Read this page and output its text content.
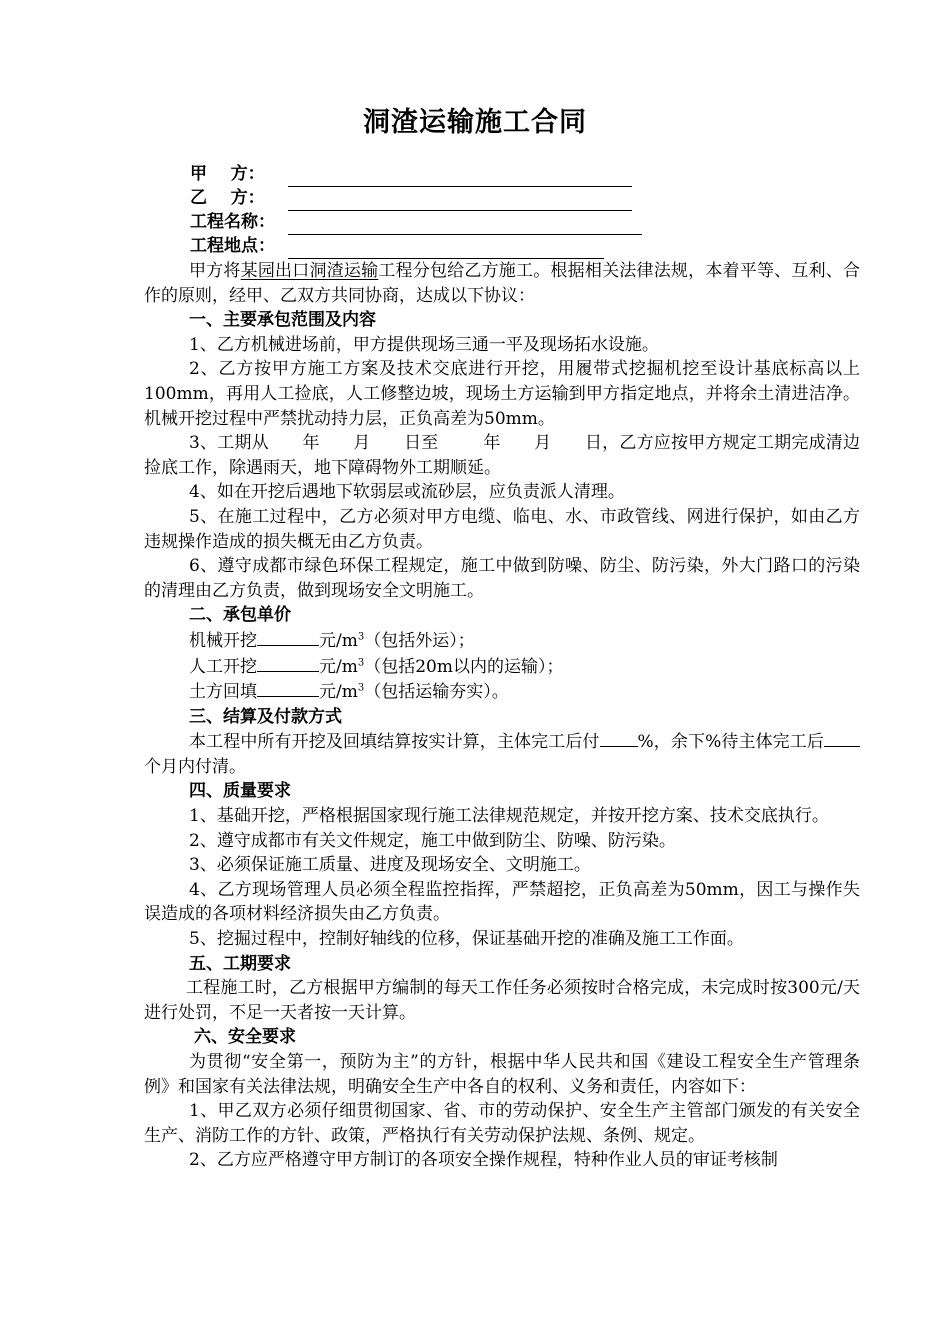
洞渣运输施工合同
甲    方：
乙    方：
工程名称：
工程地点：

甲方将某园出口洞渣运输工程分包给乙方施工。根据相关法律法规，本着平等、互利、合作的原则，经甲、乙双方共同协商，达成以下协议：

一、主要承包范围及内容

1、乙方机械进场前，甲方提供现场三通一平及现场拓水设施。

2、乙方按甲方施工方案及技术交底进行开挖，用履带式挖掘机挖至设计基底标高以上100mm，再用人工捡底，人工修整边坡，现场土方运输到甲方指定地点，并将余土清进洁净。机械开挖过程中严禁扰动持力层，正负高差为50mm。

3、工期从      年      月      日至        年      月      日，乙方应按甲方规定工期完成清边捡底工作，除遇雨天，地下障碍物外工期顺延。

4、如在开挖后遇地下软弱层或流砂层，应负责派人清理。

5、在施工过程中，乙方必须对甲方电缆、临电、水、市政管线、网进行保护，如由乙方违规操作造成的损失概无由乙方负责。

6、遵守成都市绿色环保工程规定，施工中做到防噪、防尘、防污染，外大门路口的污染的清理由乙方负责，做到现场安全文明施工。

二、承包单价

机械开挖	元$/m^3$（包括外运）；

人工开挖	元$/m^3$（包括20m以内的运输）；

土方回填	元$/m^3$（包括运输夯实）。

三、结算及付款方式

本工程中所有开挖及回填结算按实计算，主体完工后付 %，余下%待主体完工后个月内付清。

四、质量要求

1、基础开挖，严格根据国家现行施工法律规范规定，并按开挖方案、技术交底执行。

2、遵守成都市有关文件规定，施工中做到防尘、防噪、防污染。

3、必须保证施工质量、进度及现场安全、文明施工。

4、乙方现场管理人员必须全程监控指挥，严禁超挖，正负高差为50mm，因工与操作失误造成的各项材料经济损失由乙方负责。

5、挖掘过程中，控制好轴线的位移，保证基础开挖的准确及施工工作面。

五、工期要求

工程施工时，乙方根据甲方编制的每天工作任务必须按时合格完成，未完成时按300元/天进行处罚，不足一天者按一天计算。

六、安全要求

为贯彻“安全第一，预防为主”的方针，根据中华人民共和国《建设工程安全生产管理条例》和国家有关法律法规，明确安全生产中各自的权利、义务和责任，内容如下：

1、甲乙双方必须仔细贯彻国家、省、市的劳动保护、安全生产主管部门颁发的有关安全生产、消防工作的方针、政策，严格执行有关劳动保护法规、条例、规定。

2、乙方应严格遵守甲方制订的各项安全操作规程，特种作业人员的审证考核制
